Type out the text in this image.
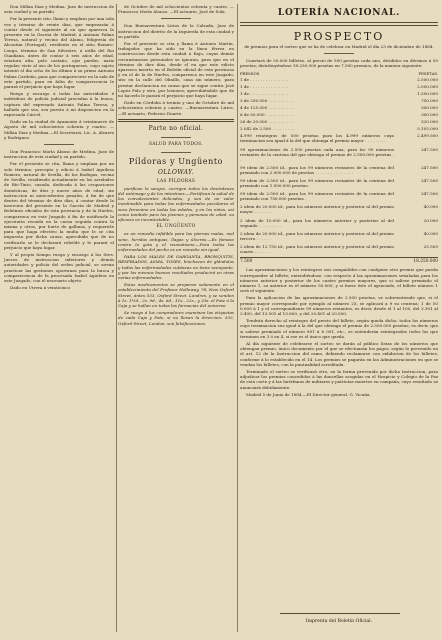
Don Millan Diaz y Medina, Juez de instruccion de esta ciudad y su partido.

Por la presente cito, llamo y emplazo por una sola vez y término de veinte dias, que empezarán á contar desde el siguiente al en que aparezca la presente en la Gaceta de Madrid, á Antonio Palma Teresa, natural y vecino del Alamo, feligresía de Alcoutim (Portugal), residente en el sitio Romiro-Longo, término de San Silvestre, á orilla del Rio Guadiana, ántes de contar á seis años de edad, estatura alta, pelo castaño, ojos pardos, nariz regular, viste al uso de los portugueses, cuyo sujeto intentó el dia ocho de los último á su primo Antonio Palma Cardoño, para que compareciese en la sala de este partido, para en falta de comparecencia le parará el perjuicio que haya lugar.

Ruego y encargo á todas las autoridades é individuos de policía judicial procedan á la busca, captura del expresado Antonio Palma Teresa, y hallado que sea, sea puesto á mi disposicion en la expresada Cárcel.

Dado en la ciudad de Ayamonte á veintinueve de Agosto de mil ochocientos ochenta y cuatro. —Millan Diaz y Medina.—El Secretario, Lic. A. Alvarez y Rodriguez.

Don Francisco Morla Alonso de Medina, Juez de instruccion de esta ciudad y su partido.

Por el presente se cita, llama y emplaza por un solo término, precepto y edicto á Isabel Aguilera Romero, natural de Sevilla, de los Bodegas, vecina de Sevilla, residiendo actualmente en los arrabales de Río-Tinto, casada, dedicada á las ocupaciones domésticas, de diez y nueve años de edad, sin instruccion ni antecedentes penales, á fin de que dentro del término de diez días, á contar desde la insercion del presente en la Gaceta de Madrid y Boletines oficiales de esta provincia y de la Huelva, comparezca en este Juzgado á fin de notificarle la ejecutoria recaida en la causa seguida contra la misma y otros, por hurto de gallinas, y requerirle para que haga efectivo la multa que le se cita impuesta por dicha causa; apercibida que de no verificarlo se le declarará rebelde y le parará el perjuicio que haya lugar.

Y al propio tiempo ruego y encargo á los Sres. Jueces de instruccion inferiores y demás autoridades y policía del orden judicial, se sirvan practicar las gestiones oportunas para la busca y comparecencia de la procesada Isabel Aguilera en este Juzgado, con el necesario objeto.

Dado en Utrera á veinticinco

de Octubre de mil ochocientos ochenta y cuatro. —Francisco Morla Alonso. —El actuario, José de Sola.

Don Buenaventura Lirios de la Calzada, Juez de instruccion del distrito de la Izquierda de esta ciudad y su partido.

Por el presente se cita y llama á Antonio Martin, trabajador que ha sido en la línea férrea en construccion desde esta ciudad á Rajo, cuyas demás circunstancias personales se ignoran, para que en el término de diez días, desde el en que este edicto aparezca inserto en el Boletín oficial de esta provincia y en el de la de Huelva, comparezca en este Juzgado, sito en la calle del Olmillo, casa sin número, para prestar declaracion en causa que se sigue contra José Lopez Polo y otro, por lesiones; apercibiéndole que de no hacerlo le parará el perjuicio que haya lugar.

Dado en Córdoba á treinta y uno de Octubre de mil ochocientos ochenta y cuatro. —Buenaventura Lirios. —El actuario, Federico Duarte.

Parte no oficial.
SALUD PARA TODOS.
Píldoras y Ungüento
OLLOWAY.
LAS PÍLDORAS

purifican la sangre, corrigen todos los desórdenes del estómago y de los intestinos.—Fortifican la salud de los convalecientes delicados, y son de un valor inestimable para todas las enfermedades peculiares al sexo femenino en todas las edades, y en los niños, así como también para los jóvenes y personas de edad, su eficacia es incontestable.

EL UNGÜENTO

es un remedio infalible para las piernas malas, mal seno, heridas antiguas, llagas y úlceras.—Es famoso contra la gota y el reumatismo.—Para todas las enfermedades del pecho es un remedio sin igual.

PARA LOS MALES DE GARGANTA, BRONQUITIS, RESFRIADOS, ASMA, TOSES, hinchazon de glándulas y todas las enfermedades cutáneas no tiene semejante, y por los mismos buenos resultados producirá en otras varias enfermedades.

Estos medicamentos se preparan solamente en el establecimiento del Profesor Holloway, 78, New Oxford Street, ántes 533, Oxford Street, Londres, y se venden á 1s. 1½d., 2s. 9d., 4s. 6d., 11s., 22s., y 33s. el Pote ó la Caja y se hallan en todas las farmacias del universo.

Se ruega á los compradores examinen las etiquetas de cada Caja y Pote, si no llevan la direccion: 533, Oxford Street, London, son falsificaciones.

LOTERÍA NACIONAL.
PROSPECTO
de premios para el sorteo que se ha de celebrar en Madrid el día 23 de diciembre de 1884.

Constará de 50.000 billetes, al precio de 500 pesetas cada uno, divididos en décimos á 50 pesetas; distribuyéndose 18.250.000 pesetas en 7.500 premios, de la manera siguiente:

PREMIOS.	PESETAS.
1 de . . . . . . . . . . . . . . .	2.500.000
1 de . . . . . . . . . . . . . . .	2.000.000
1 de . . . . . . . . . . . . . . .	1.500.000
3 de 250.000 . . . . . . . . . .	750.000
4 de 125.000 . . . . . . . . . .	500.000
6 de 50.000 . . . . . . . . . . .	300.000
26 de 20.000 . . . . . . . . . .	520.000
2.042 de 2.500 . . . . . . . . .	5.105.000
4.999 reintegros de 500 pesetas para los 4.999 números cuya terminacion sea igual á la del que obtenga el premio mayor . . . . . . . .
2.499.500
99 aproximaciones de 2.500 pesetas cada una, para los 99 números restantes de la centena del que obtenga el premio de 2.500.000 pesetas . .
247.500
99 idem de 2.500 id., para los 99 números restantes de la centena del premiado con 2.000.000 de pesetas . . . . . . . . . . . . . . .
247.500
99 idem de 2.500 id., para los 99 números restantes de la centena del premiado con 1.500.000 pesetas.
247.500
99 idem de 2.500 id., para los 99 números restantes de la centena del premiado con 750.000 pesetas .
247.500
2 idem de 20.000 id., para los números anterior y posterior al del premio mayor . . . . . . .
40.000
2 idem de 10.000 id., para los números anterior y posterior al del segundo . . . . . . . . .
20.000
2 idem de 20.000 id., para los números anterior y posterior al del premio tercero . . . . . .
40.000
2 idem de 12.750 id., para los números anterior y posterior al del premio cuarto . . . . . .
25.500
7.500	18.250.000

Las aproximaciones y los reintegros son compatibles con cualquier otro premio que pueda corresponder al billete; entendiéndose, con respecto á las aproximaciones señaladas para los números anterior y posterior de los cuatro premios mayores, que si saliese premiado el número 1, su anterior es el número 50.000, y si fuese éste el agraciado, el billete número 1 será el siguiente.

Para la aplicacion de las aproximaciones de 2.500 pesetas, se sobreentiende que, si el premio mayor corresponde por ejemplo al número 25, se aplicará a 9 su centena; 1 de 50 0.000 á 1 y el correspondiente 99 números restantes, es decir, desde el 1 al 100, del 3.301 al 3.400, del 13.501 al 13.600, y del 20.401 al 20.500.

Tendrán derecho al reintegro del precio del billete, según queda dicho, todos los números cuya terminacion sea igual á la del que obtenga el premio de 2.500.000 pesetas; es decir, que si saliese premiado el número 801 ú 8 001, etc., se entenderán reintegrados todos los que terminen en 3 ó en 4, si ese es el único que queda.

Al día siguiente de celebrarse el sorteo se darán al público listas de los números que obtengan premio, único documento por el que se efectuarán los pagos, según lo prevenido en el art. 12 de la Instruccion del ramo, debiendo reclamarse con exhibicion de los billetes, conforme á lo establecido en el 14. Los premios se pagarán en las Administraciones en que se vendan los billetes, con la puntualidad acreditada.

Terminado el sorteo se verificará otro, en la forma prevenida por dicha Instruccion, para adjudicar los premios concedidos á las doncellas acogidas en el Hospicio y Colegio de la Paz de esta corte y á las huérfanas de militares y patriotas muertos en campaña, cuyo resultado se anunciará debidamente.

Madrid 5 de Junio de 1884.—El Director general, G. Vicuña.

Imprenta del Boletín Oficial.
